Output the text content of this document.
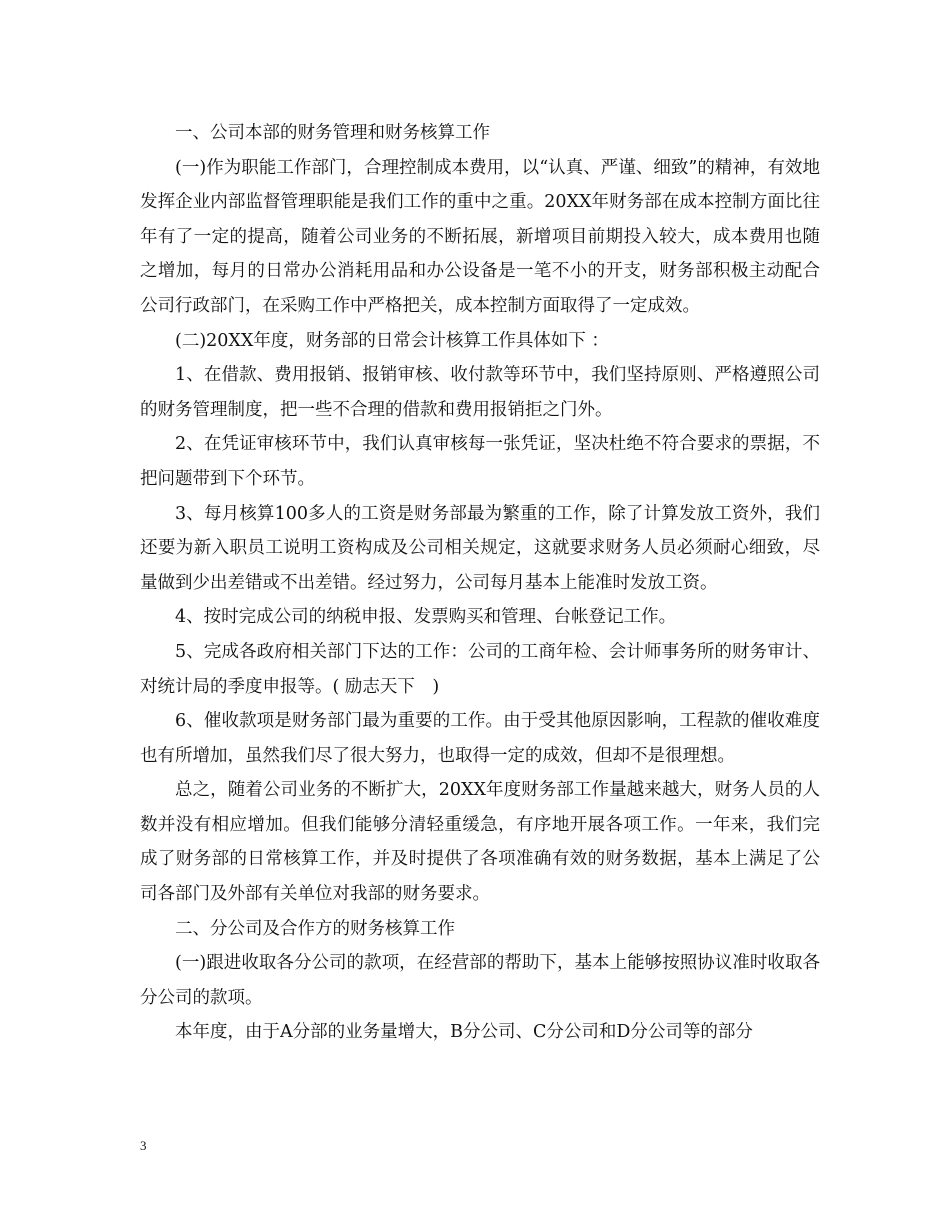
一、公司本部的财务管理和财务核算工作

(一)作为职能工作部门，合理控制成本费用，以“认真、严谨、细致”的精神，有效地发挥企业内部监督管理职能是我们工作的重中之重。20XX年财务部在成本控制方面比往年有了一定的提高，随着公司业务的不断拓展，新增项目前期投入较大，成本费用也随之增加，每月的日常办公消耗用品和办公设备是一笔不小的开支，财务部积极主动配合公司行政部门，在采购工作中严格把关，成本控制方面取得了一定成效。

(二)20XX年度，财务部的日常会计核算工作具体如下 ：

1、在借款、费用报销、报销审核、收付款等环节中，我们坚持原则、严格遵照公司的财务管理制度，把一些不合理的借款和费用报销拒之门外。

2、在凭证审核环节中，我们认真审核每一张凭证，坚决杜绝不符合要求的票据，不把问题带到下个环节。

3、每月核算100多人的工资是财务部最为繁重的工作，除了计算发放工资外，我们还要为新入职员工说明工资构成及公司相关规定，这就要求财务人员必须耐心细致，尽量做到少出差错或不出差错。经过努力，公司每月基本上能准时发放工资。

4、按时完成公司的纳税申报、发票购买和管理、台帐登记工作。

5、完成各政府相关部门下达的工作：公司的工商年检、会计师事务所的财务审计、对统计局的季度申报等。( 励志天下　)

6、催收款项是财务部门最为重要的工作。由于受其他原因影响，工程款的催收难度也有所增加，虽然我们尽了很大努力，也取得一定的成效，但却不是很理想。

总之，随着公司业务的不断扩大，20XX年度财务部工作量越来越大，财务人员的人数并没有相应增加。但我们能够分清轻重缓急，有序地开展各项工作。一年来，我们完成了财务部的日常核算工作，并及时提供了各项准确有效的财务数据，基本上满足了公司各部门及外部有关单位对我部的财务要求。

二、分公司及合作方的财务核算工作

(一)跟进收取各分公司的款项，在经营部的帮助下，基本上能够按照协议准时收取各分公司的款项。

本年度，由于A分部的业务量增大，B分公司、C分公司和D分公司等的部分

3
